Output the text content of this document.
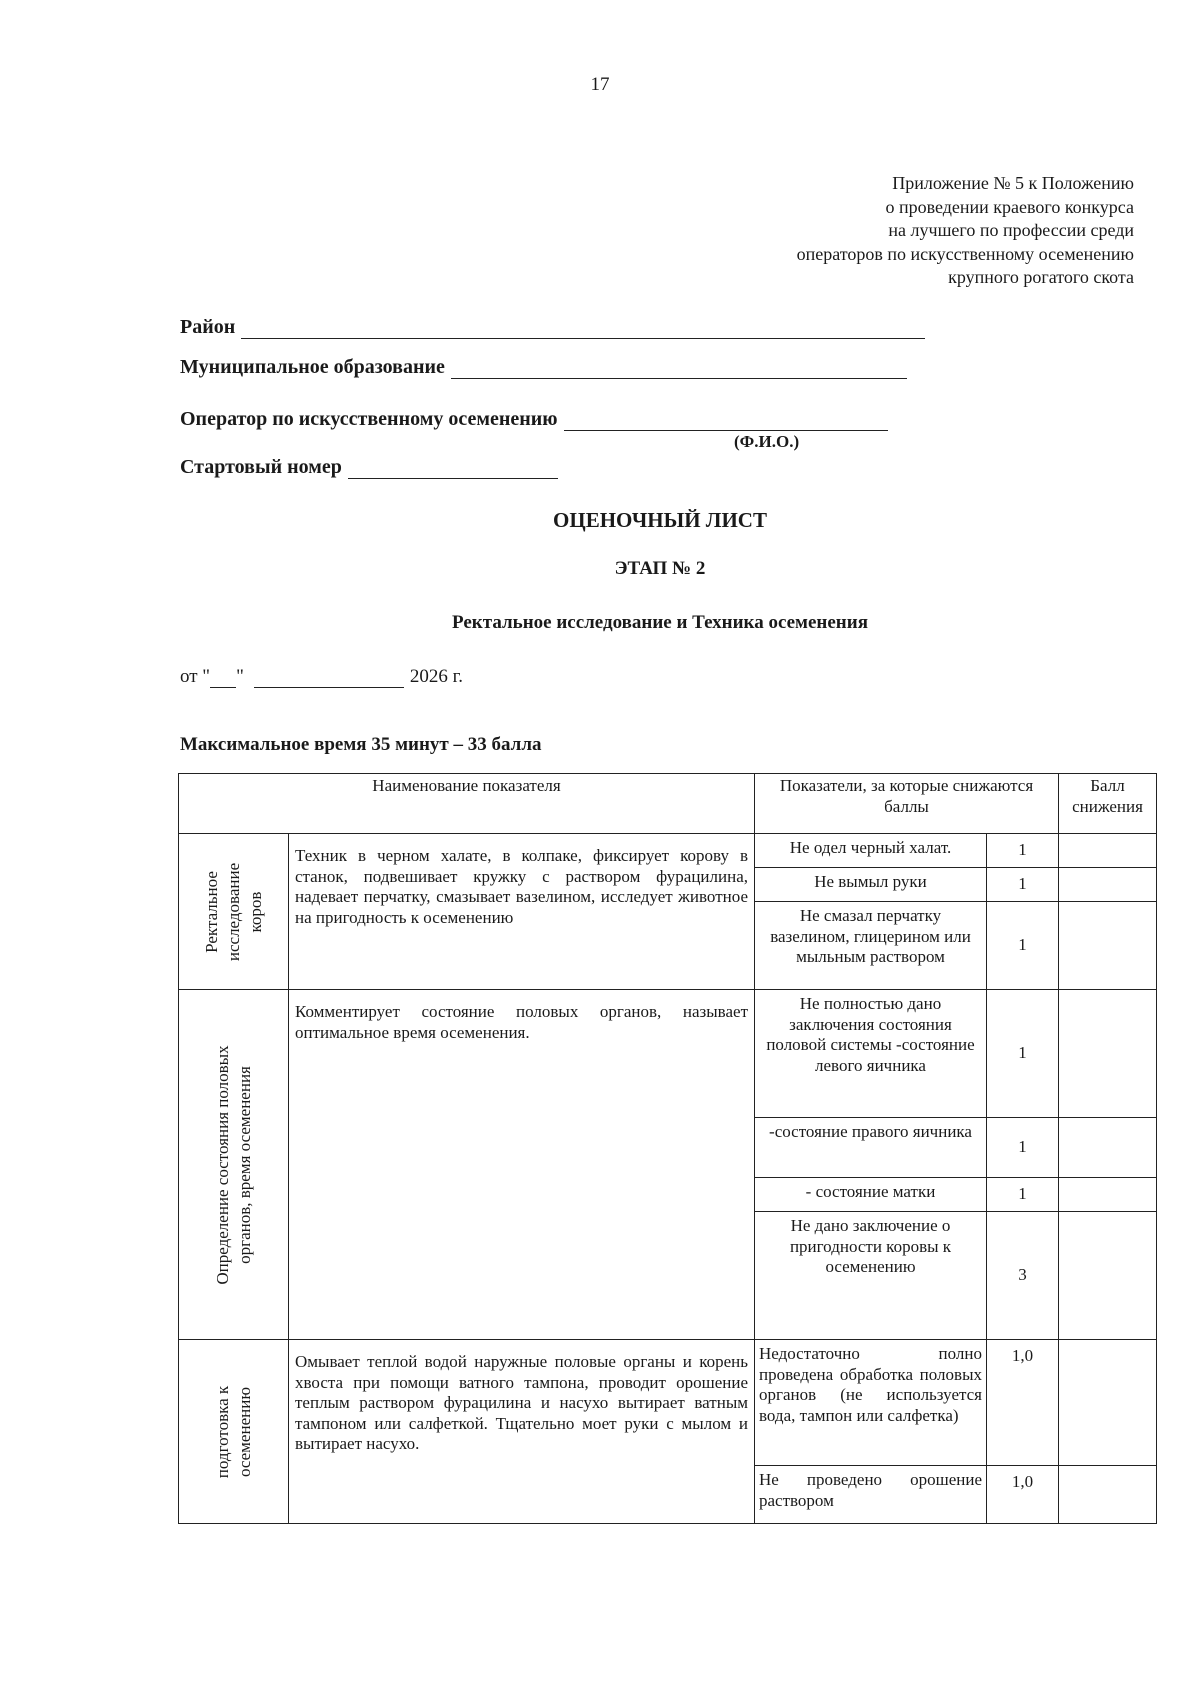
17
Приложение № 5 к Положению
о проведении краевого конкурса
на лучшего по профессии среди
операторов по искусственному осеменению
крупного рогатого скота
Район
Муниципальное образование
Оператор по искусственному осеменению
(Ф.И.О.)
Стартовый номер
ОЦЕНОЧНЫЙ ЛИСТ
ЭТАП № 2
Ректальное исследование и Техника осеменения
от " "	2026 г.
Максимальное время 35 минут – 33 балла
Наименование показателя		Показатели, за которые снижаются баллы		Балл снижения

Ректальное исследование коров	Техник в черном халате, в колпаке, фиксирует корову в станок, подвешивает кружку с раствором фурацилина, надевает перчатку, смазывает вазелином, исследует животное на пригодность к осеменению	Не одел черный халат.	1	
		Не вымыл руки	1	
		Не смазал перчатку вазелином, глицерином или мыльным раствором	1	

Определение состояния половых органов, время осеменения	Комментирует состояние половых органов, называет оптимальное время осеменения.	Не полностью дано заключения состояния половой системы -состояние левого яичника	1	
		-состояние правого яичника	1	
		- состояние матки	1	
		Не дано заключение о пригодности коровы к осеменению	3	

подготовка к осеменению	Омывает теплой водой наружные половые органы и корень хвоста при помощи ватного тампона, проводит орошение теплым раствором фурацилина и насухо вытирает ватным тампоном или салфеткой. Тщательно моет руки с мылом и вытирает насухо.	Недостаточно полно проведена обработка половых органов (не используется вода, тампон или салфетка)	1,0	
		Не проведено орошение раствором	1,0	
